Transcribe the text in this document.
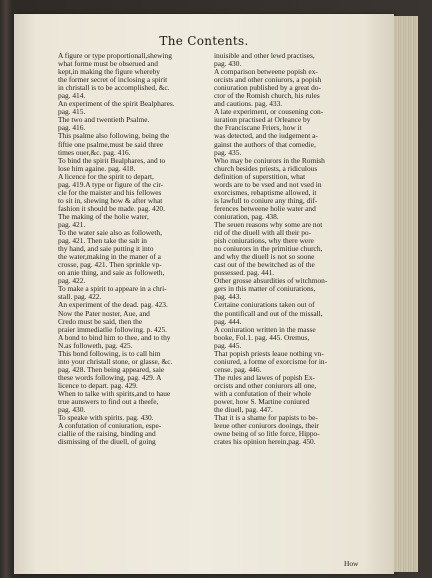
The Contents.
A figure or type proportionall,shewing
what forme must be obserued and
kept,in making the figure whereby
the former secret of inclosing a spirit
in christall is to be accomplished, &c.
pag. 414.
An experiment of the spirit Bealphares.
pag. 415.
The two and twentieth Psalme.
pag. 416.
This psalme also following, being the
fiftie one psalme,must be said three
times ouer,&c. pag. 416.
To bind the spirit Bealphares, and to
lose him againe. pag. 418.
A licence for the spirit to depart,
pag. 419.A type or figure of the cir-
cle for the maister and his fellowes
to sit in, shewing how & after what
fashion it should be made. pag. 420.
The making of the holie water,
pag. 421.
To the water saie also as followeth,
pag. 421. Then take the salt in
thy hand, and saie putting it into
the water,making in the maner of a
crosse, pag. 421. Then sprinkle vp-
on anie thing, and saie as followeth,
pag. 422.
To make a spirit to appeare in a chri-
stall. pag. 422.
An experiment of the dead. pag. 423.
Now the Pater noster, Aue, and
Credo must be said, then the
praier immediatlie following. p. 425.
A bond to bind him to thee, and to thy
N.as followeth, pag. 425.
This bond following, is to call him
into your christall stone, or glasse, &c.
pag. 428. Then being appeared, saie
these words following, pag. 429. A
licence to depart. pag. 429.
When to talke with spirits,and to haue
true aunswers to find out a theefe,
pag. 430.
To speake with spirits. pag. 430.
A confutation of coniuration, espe-
ciallie of the raising, binding and
dismissing of the diuell, of going
inuisible and other lewd practises,
pag. 430.
A comparison betweene popish ex-
orcists and other coniurors, a popish
coniuration published by a great do-
ctor of the Romish church, his rules
and cautions. pag. 433.
A late experiment, or cousening con-
iuration practised at Orleance by
the Franciscane Friers, how it
was detected, and the iudgement a-
gainst the authors of that comedie,
pag. 435.
Who may be coniurors in the Romish
church besides priests, a ridiculous
definition of superstition, what
words are to be vsed and not vsed in
exorcismes, rebaptisme allowed, it
is lawfull to coniure any thing, dif-
ferences betweene holie water and
coniuration, pag. 438.
The seuen reasons why some are not
rid of the diuell with all their po-
pish coniurations, why there were
no coniurors in the primitiue church,
and why the diuell is not so soone
cast out of the bewitched as of the
possessed. pag. 441.
Other grosse absurdities of witchmon-
gers in this matter of coniurations,
pag. 443.
Certaine coniurations taken out of
the pontificall and out of the missall,
pag. 444.
A coniuration written in the masse
booke, Fol.1. pag. 445. Oremus,
pag. 445.
That popish priests leaue nothing vn-
coniured, a forme of exorcisme for in-
cense. pag. 446.
The rules and lawes of popish Ex-
orcists and other coniurors all one,
with a confutation of their whole
power, how S. Martine coniured
the diuell, pag. 447.
That it is a shame for papists to be-
leeue other coniurors dooings, their
owne being of so litle force, Hippo-
crates his opinion herein,pag. 450.
How
